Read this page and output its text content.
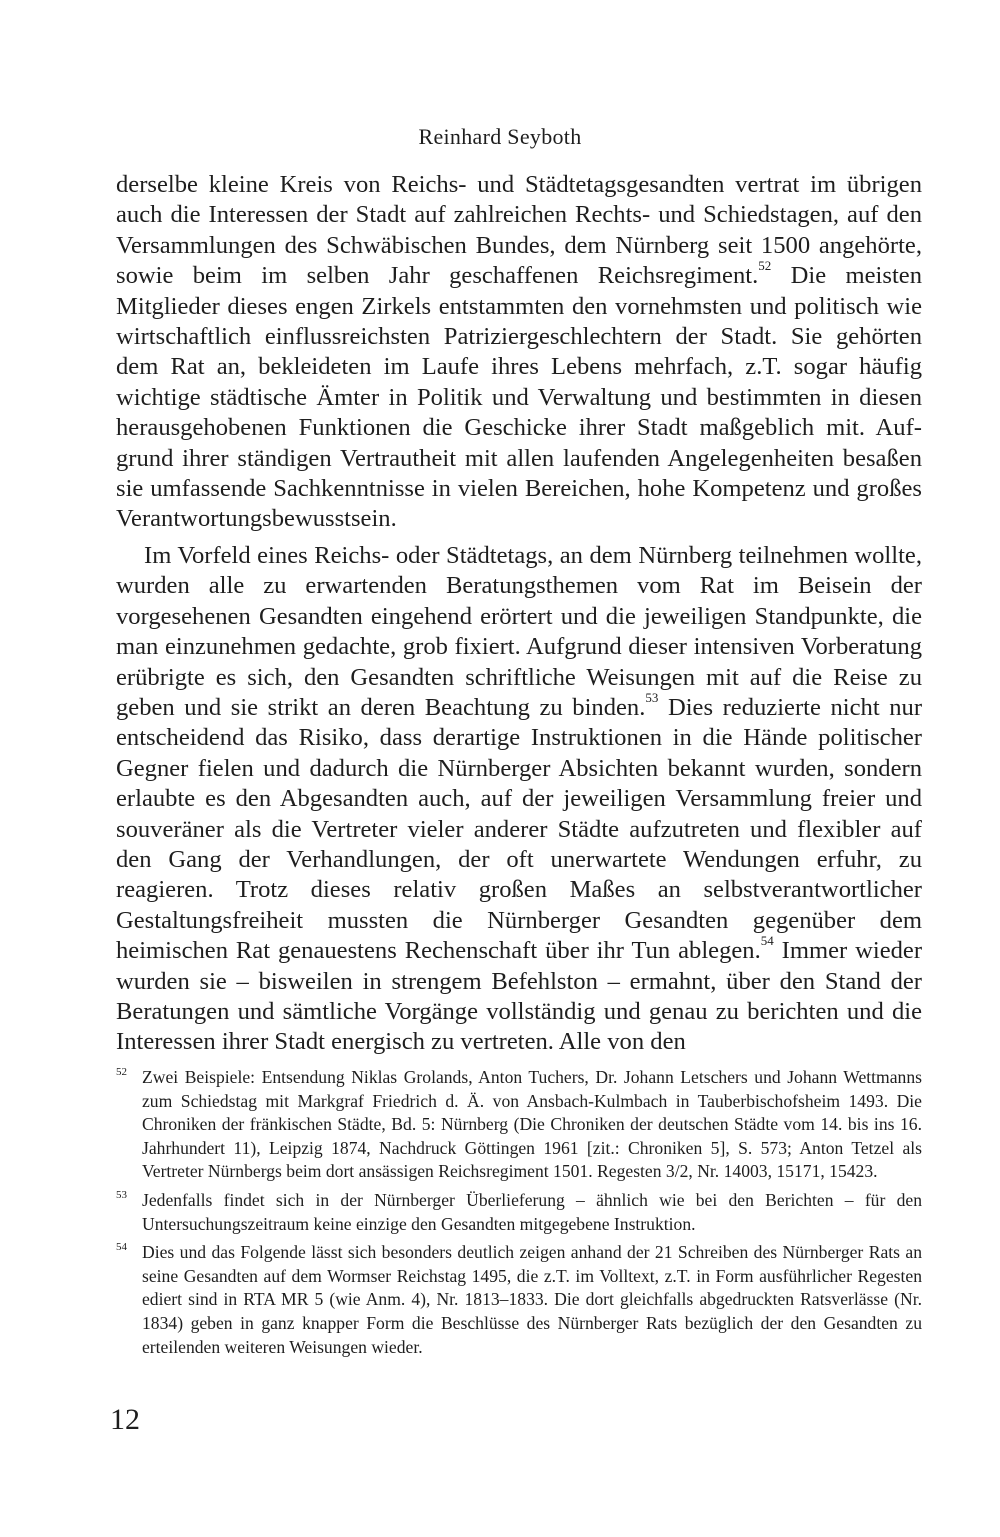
Reinhard Seyboth

derselbe kleine Kreis von Reichs- und Städtetagsgesandten vertrat im übrigen auch die Interessen der Stadt auf zahlreichen Rechts- und Schiedstagen, auf den Versammlungen des Schwäbischen Bundes, dem Nürnberg seit 1500 angehörte, sowie beim im selben Jahr geschaffenen Reichsregiment.$^{52}$ Die meisten Mitglieder dieses engen Zirkels entstammten den vornehmsten und politisch wie wirtschaftlich einflussreichsten Patriziergeschlechtern der Stadt. Sie gehörten dem Rat an, bekleideten im Laufe ihres Lebens mehrfach, z.T. sogar häufig wichtige städtische Ämter in Politik und Verwaltung und bestimmten in diesen herausgehobenen Funktionen die Geschicke ihrer Stadt maßgeblich mit. Aufgrund ihrer ständigen Vertrautheit mit allen laufenden Angelegenheiten besaßen sie umfassende Sachkenntnisse in vielen Bereichen, hohe Kompetenz und großes Verantwortungsbewusstsein.

Im Vorfeld eines Reichs- oder Städtetags, an dem Nürnberg teilnehmen wollte, wurden alle zu erwartenden Beratungsthemen vom Rat im Beisein der vorgesehenen Gesandten eingehend erörtert und die jeweiligen Standpunkte, die man einzunehmen gedachte, grob fixiert. Aufgrund dieser intensiven Vorberatung erübrigte es sich, den Gesandten schriftliche Weisungen mit auf die Reise zu geben und sie strikt an deren Beachtung zu binden.$^{53}$ Dies reduzierte nicht nur entscheidend das Risiko, dass derartige Instruktionen in die Hände politischer Gegner fielen und dadurch die Nürnberger Absichten bekannt wurden, sondern erlaubte es den Abgesandten auch, auf der jeweiligen Versammlung freier und souveräner als die Vertreter vieler anderer Städte aufzutreten und flexibler auf den Gang der Verhandlungen, der oft unerwartete Wendungen erfuhr, zu reagieren. Trotz dieses relativ großen Maßes an selbstverantwortlicher Gestaltungsfreiheit mussten die Nürnberger Gesandten gegenüber dem heimischen Rat genauestens Rechenschaft über ihr Tun ablegen.$^{54}$ Immer wieder wurden sie – bisweilen in strengem Befehlston – ermahnt, über den Stand der Beratungen und sämtliche Vorgänge vollständig und genau zu berichten und die Interessen ihrer Stadt energisch zu vertreten. Alle von den

52 Zwei Beispiele: Entsendung Niklas Grolands, Anton Tuchers, Dr. Johann Letschers und Johann Wettmanns zum Schiedstag mit Markgraf Friedrich d. Ä. von Ansbach-Kulmbach in Tauberbischofsheim 1493. Die Chroniken der fränkischen Städte, Bd. 5: Nürnberg (Die Chroniken der deutschen Städte vom 14. bis ins 16. Jahrhundert 11), Leipzig 1874, Nachdruck Göttingen 1961 [zit.: Chroniken 5], S. 573; Anton Tetzel als Vertreter Nürnbergs beim dort ansässigen Reichsregiment 1501. Regesten 3/2, Nr. 14003, 15171, 15423.
53 Jedenfalls findet sich in der Nürnberger Überlieferung – ähnlich wie bei den Berichten – für den Untersuchungszeitraum keine einzige den Gesandten mitgegebene Instruktion.
54 Dies und das Folgende lässt sich besonders deutlich zeigen anhand der 21 Schreiben des Nürnberger Rats an seine Gesandten auf dem Wormser Reichstag 1495, die z.T. im Volltext, z.T. in Form ausführlicher Regesten ediert sind in RTA MR 5 (wie Anm. 4), Nr. 1813–1833. Die dort gleichfalls abgedruckten Ratsverlässe (Nr. 1834) geben in ganz knapper Form die Beschlüsse des Nürnberger Rats bezüglich der den Gesandten zu erteilenden weiteren Weisungen wieder.
12
